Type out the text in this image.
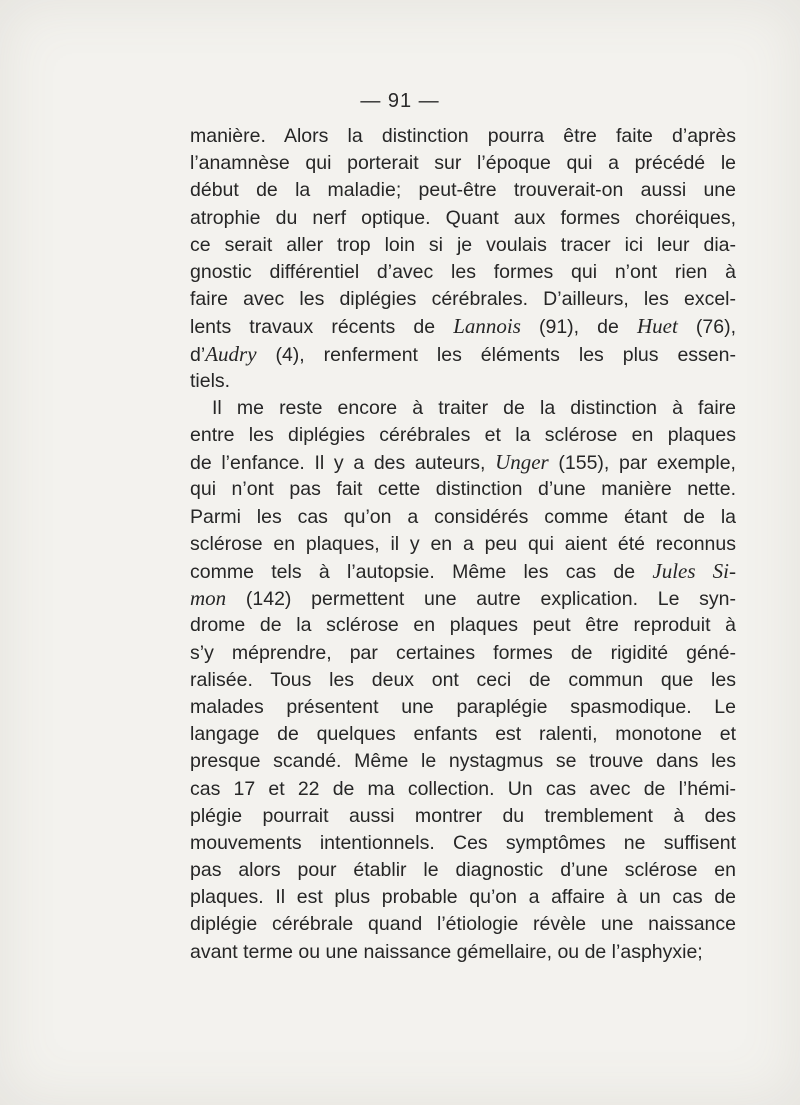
— 91 —
manière. Alors la distinction pourra être faite d’après
l’anamnèse qui porterait sur l’époque qui a précédé le
début de la maladie; peut-être trouverait-on aussi une
atrophie du nerf optique. Quant aux formes choréiques,
ce serait aller trop loin si je voulais tracer ici leur dia-
gnostic différentiel d’avec les formes qui n’ont rien à
faire avec les diplégies cérébrales. D’ailleurs, les excel-
lents travaux récents de Lannois (91), de Huet (76),
d’Audry (4), renferment les éléments les plus essen-
tiels.
Il me reste encore à traiter de la distinction à faire
entre les diplégies cérébrales et la sclérose en plaques
de l’enfance. Il y a des auteurs, Unger (155), par exemple,
qui n’ont pas fait cette distinction d’une manière nette.
Parmi les cas qu’on a considérés comme étant de la
sclérose en plaques, il y en a peu qui aient été reconnus
comme tels à l’autopsie. Même les cas de Jules Si-
mon (142) permettent une autre explication. Le syn-
drome de la sclérose en plaques peut être reproduit à
s’y méprendre, par certaines formes de rigidité géné-
ralisée. Tous les deux ont ceci de commun que les
malades présentent une paraplégie spasmodique. Le
langage de quelques enfants est ralenti, monotone et
presque scandé. Même le nystagmus se trouve dans les
cas 17 et 22 de ma collection. Un cas avec de l’hémi-
plégie pourrait aussi montrer du tremblement à des
mouvements intentionnels. Ces symptômes ne suffisent
pas alors pour établir le diagnostic d’une sclérose en
plaques. Il est plus probable qu’on a affaire à un cas de
diplégie cérébrale quand l’étiologie révèle une naissance
avant terme ou une naissance gémellaire, ou de l’asphyxie;
